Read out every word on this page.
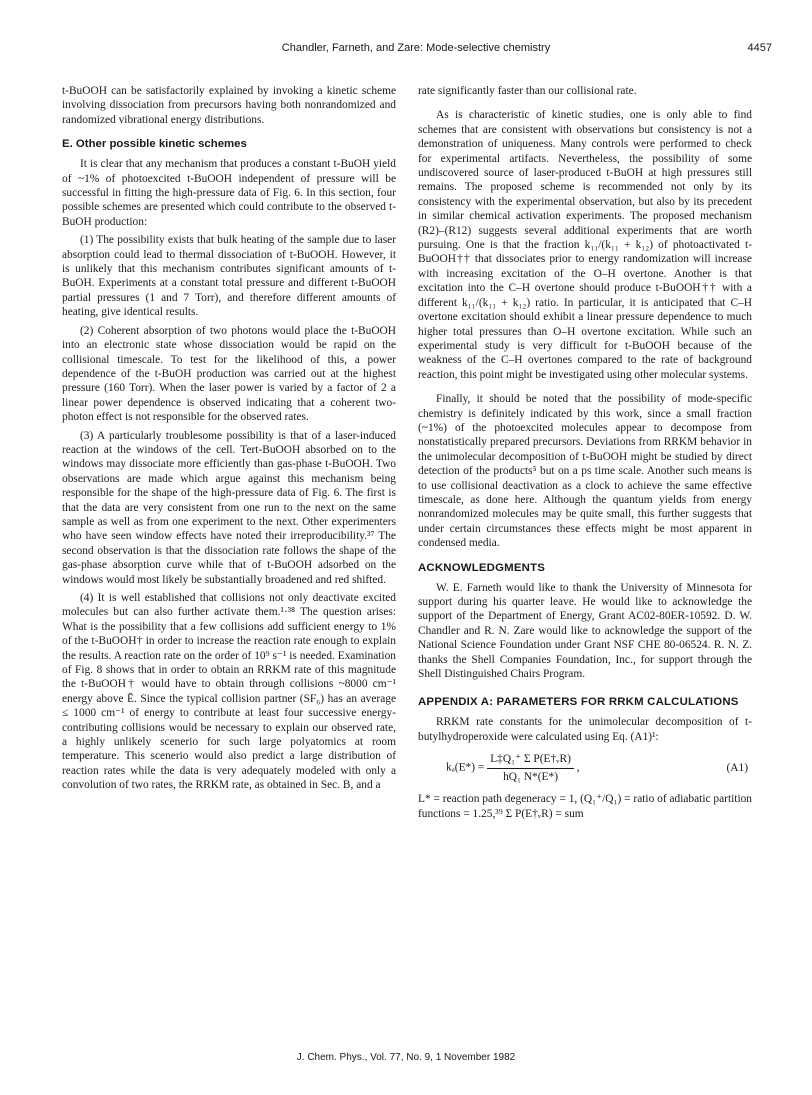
Chandler, Farneth, and Zare: Mode-selective chemistry	4457

t-BuOOH can be satisfactorily explained by invoking a kinetic scheme involving dissociation from precursors having both nonrandomized and randomized vibrational energy distributions.

E. Other possible kinetic schemes

It is clear that any mechanism that produces a constant t-BuOH yield of ~1% of photoexcited t-BuOOH independent of pressure will be successful in fitting the high-pressure data of Fig. 6. In this section, four possible schemes are presented which could contribute to the observed t-BuOH production:

(1) The possibility exists that bulk heating of the sample due to laser absorption could lead to thermal dissociation of t-BuOOH. However, it is unlikely that this mechanism contributes significant amounts of t-BuOH. Experiments at a constant total pressure and different t-BuOOH partial pressures (1 and 7 Torr), and therefore different amounts of heating, give identical results.

(2) Coherent absorption of two photons would place the t-BuOOH into an electronic state whose dissociation would be rapid on the collisional timescale. To test for the likelihood of this, a power dependence of the t-BuOH production was carried out at the highest pressure (160 Torr). When the laser power is varied by a factor of 2 a linear power dependence is observed indicating that a coherent two-photon effect is not responsible for the observed rates.

(3) A particularly troublesome possibility is that of a laser-induced reaction at the windows of the cell. Tert-BuOOH absorbed on to the windows may dissociate more efficiently than gas-phase t-BuOOH. Two observations are made which argue against this mechanism being responsible for the shape of the high-pressure data of Fig. 6. The first is that the data are very consistent from one run to the next on the same sample as well as from one experiment to the next. Other experimenters who have seen window effects have noted their irreproducibility.³⁷ The second observation is that the dissociation rate follows the shape of the gas-phase absorption curve while that of t-BuOOH adsorbed on the windows would most likely be substantially broadened and red shifted.

(4) It is well established that collisions not only deactivate excited molecules but can also further activate them.¹·³⁸ The question arises: What is the possibility that a few collisions add sufficient energy to 1% of the t-BuOOH† in order to increase the reaction rate enough to explain the results. A reaction rate on the order of 10⁹ s⁻¹ is needed. Examination of Fig. 8 shows that in order to obtain an RRKM rate of this magnitude the t-BuOOH† would have to obtain through collisions ~8000 cm⁻¹ energy above Ē. Since the typical collision partner (SF₆) has an average ≤ 1000 cm⁻¹ of energy to contribute at least four successive energy-contributing collisions would be necessary to explain our observed rate, a highly unlikely scenerio for such large polyatomics at room temperature. This scenerio would also predict a large distribution of reaction rates while the data is very adequately modeled with only a convolution of two rates, the RRKM rate, as obtained in Sec. B, and a

rate significantly faster than our collisional rate.

As is characteristic of kinetic studies, one is only able to find schemes that are consistent with observations but consistency is not a demonstration of uniqueness. Many controls were performed to check for experimental artifacts. Nevertheless, the possibility of some undiscovered source of laser-produced t-BuOH at high pressures still remains. The proposed scheme is recommended not only by its consistency with the experimental observation, but also by its precedent in similar chemical activation experiments. The proposed mechanism (R2)–(R12) suggests several additional experiments that are worth pursuing. One is that the fraction k₁₁/(k₁₁ + k₁₂) of photoactivated t-BuOOH†† that dissociates prior to energy randomization will increase with increasing excitation of the O–H overtone. Another is that excitation into the C–H overtone should produce t-BuOOH†† with a different k₁₁/(k₁₁ + k₁₂) ratio. In particular, it is anticipated that C–H overtone excitation should exhibit a linear pressure dependence to much higher total pressures than O–H overtone excitation. While such an experimental study is very difficult for t-BuOOH because of the weakness of the C–H overtones compared to the rate of background reaction, this point might be investigated using other molecular systems.

Finally, it should be noted that the possibility of mode-specific chemistry is definitely indicated by this work, since a small fraction (~1%) of the photoexcited molecules appear to decompose from nonstatistically prepared precursors. Deviations from RRKM behavior in the unimolecular decomposition of t-BuOOH might be studied by direct detection of the products⁵ but on a ps time scale. Another such means is to use collisional deactivation as a clock to achieve the same effective timescale, as done here. Although the quantum yields from energy nonrandomized molecules may be quite small, this further suggests that under certain circumstances these effects might be most apparent in condensed media.

ACKNOWLEDGMENTS

W. E. Farneth would like to thank the University of Minnesota for support during his quarter leave. He would like to acknowledge the support of the Department of Energy, Grant AC02-80ER-10592. D. W. Chandler and R. N. Zare would like to acknowledge the support of the National Science Foundation under Grant NSF CHE 80-06524. R. N. Z. thanks the Shell Companies Foundation, Inc., for support through the Shell Distinguished Chairs Program.

APPENDIX A: PARAMETERS FOR RRKM CALCULATIONS

RRKM rate constants for the unimolecular decomposition of t-butylhydroperoxide were calculated using Eq. (A1)¹:

$k_a(E*) = \frac{\text{L‡Q₁⁺ Σ P(E†ᵥR)}}{\text{hQ₁ N*(E*)}}$ ,	(A1)

L* = reaction path degeneracy = 1, (Q₁⁺/Q₁) = ratio of adiabatic partition functions = 1.25,³⁹ Σ P(E†ᵥR) = sum

J. Chem. Phys., Vol. 77, No. 9, 1 November 1982
